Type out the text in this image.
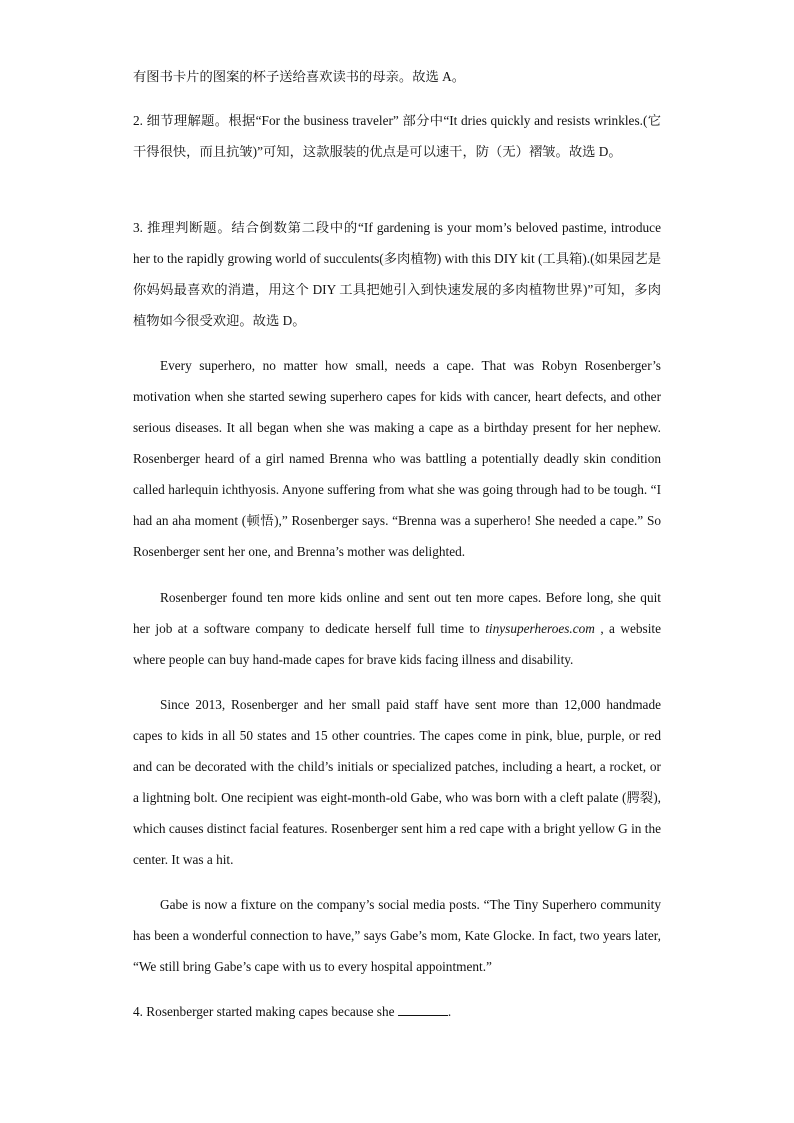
有图书卡片的图案的杯子送给喜欢读书的母亲。故选 A。

2. 细节理解题。根据“For the business traveler” 部分中“It dries quickly and resists wrinkles.(它干得很快，而且抗皱)”可知，这款服装的优点是可以速干，防（无）褶皱。故选 D。

3. 推理判断题。结合倒数第二段中的“If gardening is your mom’s beloved pastime, introduce her to the rapidly growing world of succulents(多肉植物) with this DIY kit (工具箱).(如果园艺是你妈妈最喜欢的消遣，用这个 DIY 工具把她引入到快速发展的多肉植物世界)”可知，多肉植物如今很受欢迎。故选 D。

Every superhero, no matter how small, needs a cape. That was Robyn Rosenberger’s motivation when she started sewing superhero capes for kids with cancer, heart defects, and other serious diseases. It all began when she was making a cape as a birthday present for her nephew. Rosenberger heard of a girl named Brenna who was battling a potentially deadly skin condition called harlequin ichthyosis. Anyone suffering from what she was going through had to be tough. “I had an aha moment (顿悟),” Rosenberger says. “Brenna was a superhero! She needed a cape.” So Rosenberger sent her one, and Brenna’s mother was delighted.

Rosenberger found ten more kids online and sent out ten more capes. Before long, she quit her job at a software company to dedicate herself full time to tinysuperheroes.com , a website where people can buy hand-made capes for brave kids facing illness and disability.

Since 2013, Rosenberger and her small paid staff have sent more than 12,000 handmade capes to kids in all 50 states and 15 other countries. The capes come in pink, blue, purple, or red and can be decorated with the child’s initials or specialized patches, including a heart, a rocket, or a lightning bolt. One recipient was eight-month-old Gabe, who was born with a cleft palate (腭裂), which causes distinct facial features. Rosenberger sent him a red cape with a bright yellow G in the center. It was a hit.

Gabe is now a fixture on the company’s social media posts. “The Tiny Superhero community has been a wonderful connection to have,” says Gabe’s mom, Kate Glocke. In fact, two years later, “We still bring Gabe’s cape with us to every hospital appointment.”

4. Rosenberger started making capes because she	.
